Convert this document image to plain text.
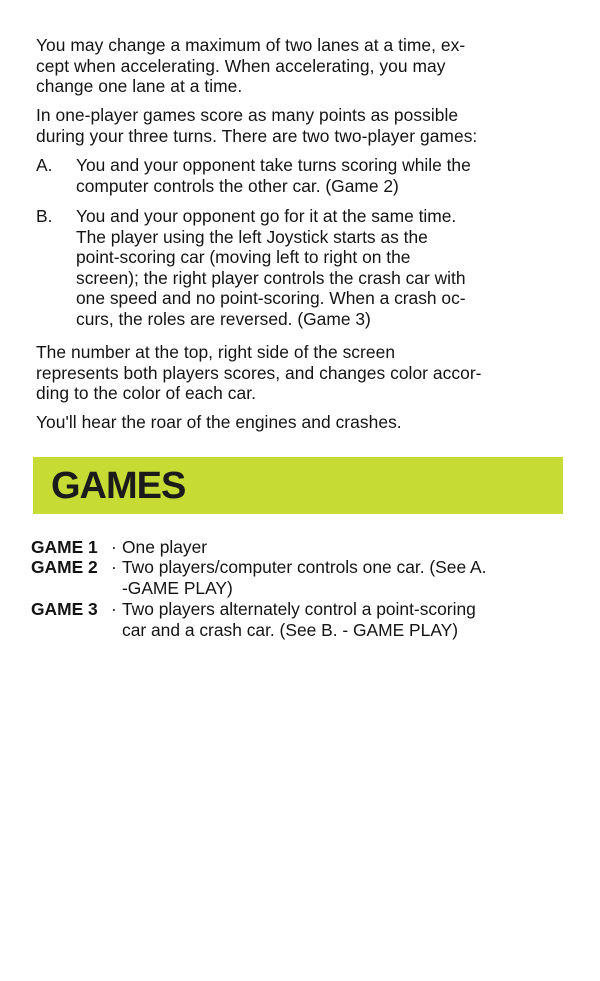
You may change a maximum of two lanes at a time, ex-
cept when accelerating. When accelerating, you may
change one lane at a time.

In one-player games score as many points as possible
during your three turns. There are two two-player games:

A.	You and your opponent take turns scoring while the
computer controls the other car. (Game 2)
B.	You and your opponent go for it at the same time.
The player using the left Joystick starts as the
point-scoring car (moving left to right on the
screen); the right player controls the crash car with
one speed and no point-scoring. When a crash oc-
curs, the roles are reversed. (Game 3)

The number at the top, right side of the screen
represents both players scores, and changes color accor-
ding to the color of each car.

You'll hear the roar of the engines and crashes.

GAMES
GAME 1 · One player
GAME 2 · Two players/computer controls one car. (See A.
-GAME PLAY)
GAME 3 · Two players alternately control a point-scoring
car and a crash car. (See B. - GAME PLAY)
